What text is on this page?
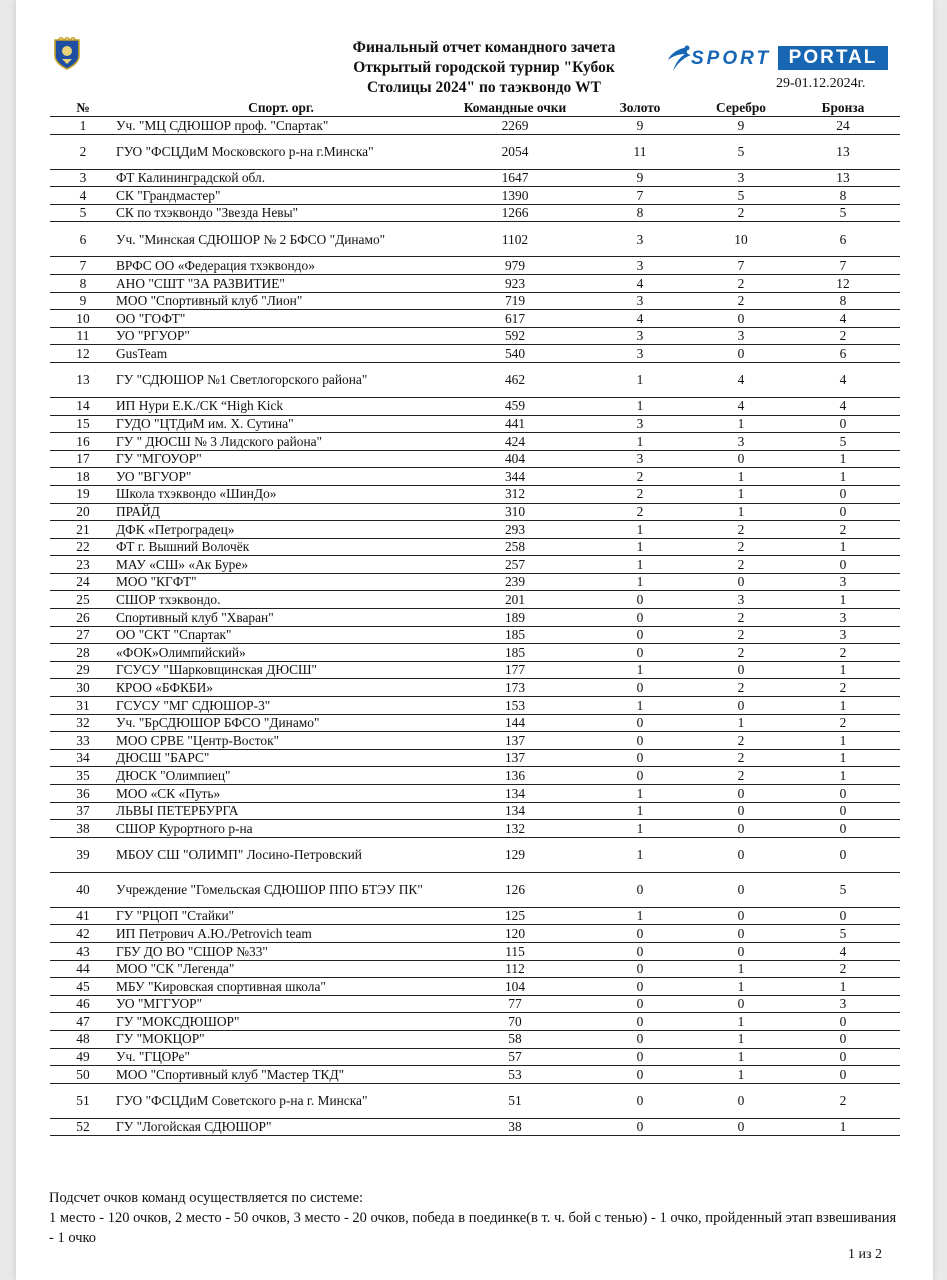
Финальный отчет командного зачета
Открытый городской турнир "Кубок
Столицы 2024" по таэквондо WT
SPORT PORTAL
29-01.12.2024г.
№	Спорт. орг.	Командные очки	Золото	Серебро	Бронза
1	Уч. "МЦ СДЮШОР проф. "Спартак"	2269	9	9	24
2	ГУО "ФСЦДиМ Московского р-на г.Минска"	2054	11	5	13
3	ФТ Калининградской обл.	1647	9	3	13
4	СК "Грандмастер"	1390	7	5	8
5	СК по тхэквондо "Звезда Невы"	1266	8	2	5
6	Уч. "Минская СДЮШОР № 2 БФСО "Динамо"	1102	3	10	6
7	ВРФС ОО «Федерация тхэквондо»	979	3	7	7
8	АНО "СШТ "ЗА РАЗВИТИЕ"	923	4	2	12
9	МОО "Спортивный клуб "Лион"	719	3	2	8
10	ОО "ГОФТ"	617	4	0	4
11	УО "РГУОР"	592	3	3	2
12	GusTeam	540	3	0	6
13	ГУ "СДЮШОР №1 Светлогорского района"	462	1	4	4
14	ИП Нури Е.К./СК “High Kick	459	1	4	4
15	ГУДО "ЦТДиМ им. Х. Сутина"	441	3	1	0
16	ГУ " ДЮСШ № 3 Лидского района"	424	1	3	5
17	ГУ "МГОУОР"	404	3	0	1
18	УО "ВГУОР"	344	2	1	1
19	Школа тхэквондо «ШинДо»	312	2	1	0
20	ПРАЙД	310	2	1	0
21	ДФК «Петроградец»	293	1	2	2
22	ФТ г. Вышний Волочёк	258	1	2	1
23	МАУ «СШ» «Ак Буре»	257	1	2	0
24	МОО "КГФТ"	239	1	0	3
25	СШОР тхэквондо.	201	0	3	1
26	Спортивный клуб "Хваран"	189	0	2	3
27	ОО "СКТ "Спартак"	185	0	2	3
28	«ФОК»Олимпийский»	185	0	2	2
29	ГСУСУ "Шарковщинская ДЮСШ"	177	1	0	1
30	КРОО «БФКБИ»	173	0	2	2
31	ГСУСУ "МГ СДЮШОР-3"	153	1	0	1
32	Уч. "БрСДЮШОР БФСО "Динамо"	144	0	1	2
33	МОО СРВЕ "Центр-Восток"	137	0	2	1
34	ДЮСШ "БАРС"	137	0	2	1
35	ДЮСК "Олимпиец"	136	0	2	1
36	МОО «СК «Путь»	134	1	0	0
37	ЛЬВЫ ПЕТЕРБУРГА	134	1	0	0
38	СШОР Курортного р-на	132	1	0	0
39	МБОУ СШ "ОЛИМП" Лосино-Петровский	129	1	0	0
40	Учреждение "Гомельская СДЮШОР ППО БТЭУ ПК"	126	0	0	5
41	ГУ "РЦОП "Стайки"	125	1	0	0
42	ИП Петрович А.Ю./Petrovich team	120	0	0	5
43	ГБУ ДО ВО "СШОР №33"	115	0	0	4
44	МОО "СК "Легенда"	112	0	1	2
45	МБУ "Кировская спортивная школа"	104	0	1	1
46	УО "МГГУОР"	77	0	0	3
47	ГУ "МОКСДЮШОР"	70	0	1	0
48	ГУ "МОКЦОР"	58	0	1	0
49	Уч. "ГЦОРе"	57	0	1	0
50	МОО "Спортивный клуб "Мастер ТКД"	53	0	1	0
51	ГУО "ФСЦДиМ Советского р-на г. Минска"	51	0	0	2
52	ГУ "Логойская СДЮШОР"	38	0	0	1
Подсчет очков команд осуществляется по системе:
1 место - 120 очков, 2 место - 50 очков, 3 место - 20 очков, победа в поединке(в т. ч. бой с тенью) - 1 очко, пройденный этап взвешивания - 1 очко
1 из 2
